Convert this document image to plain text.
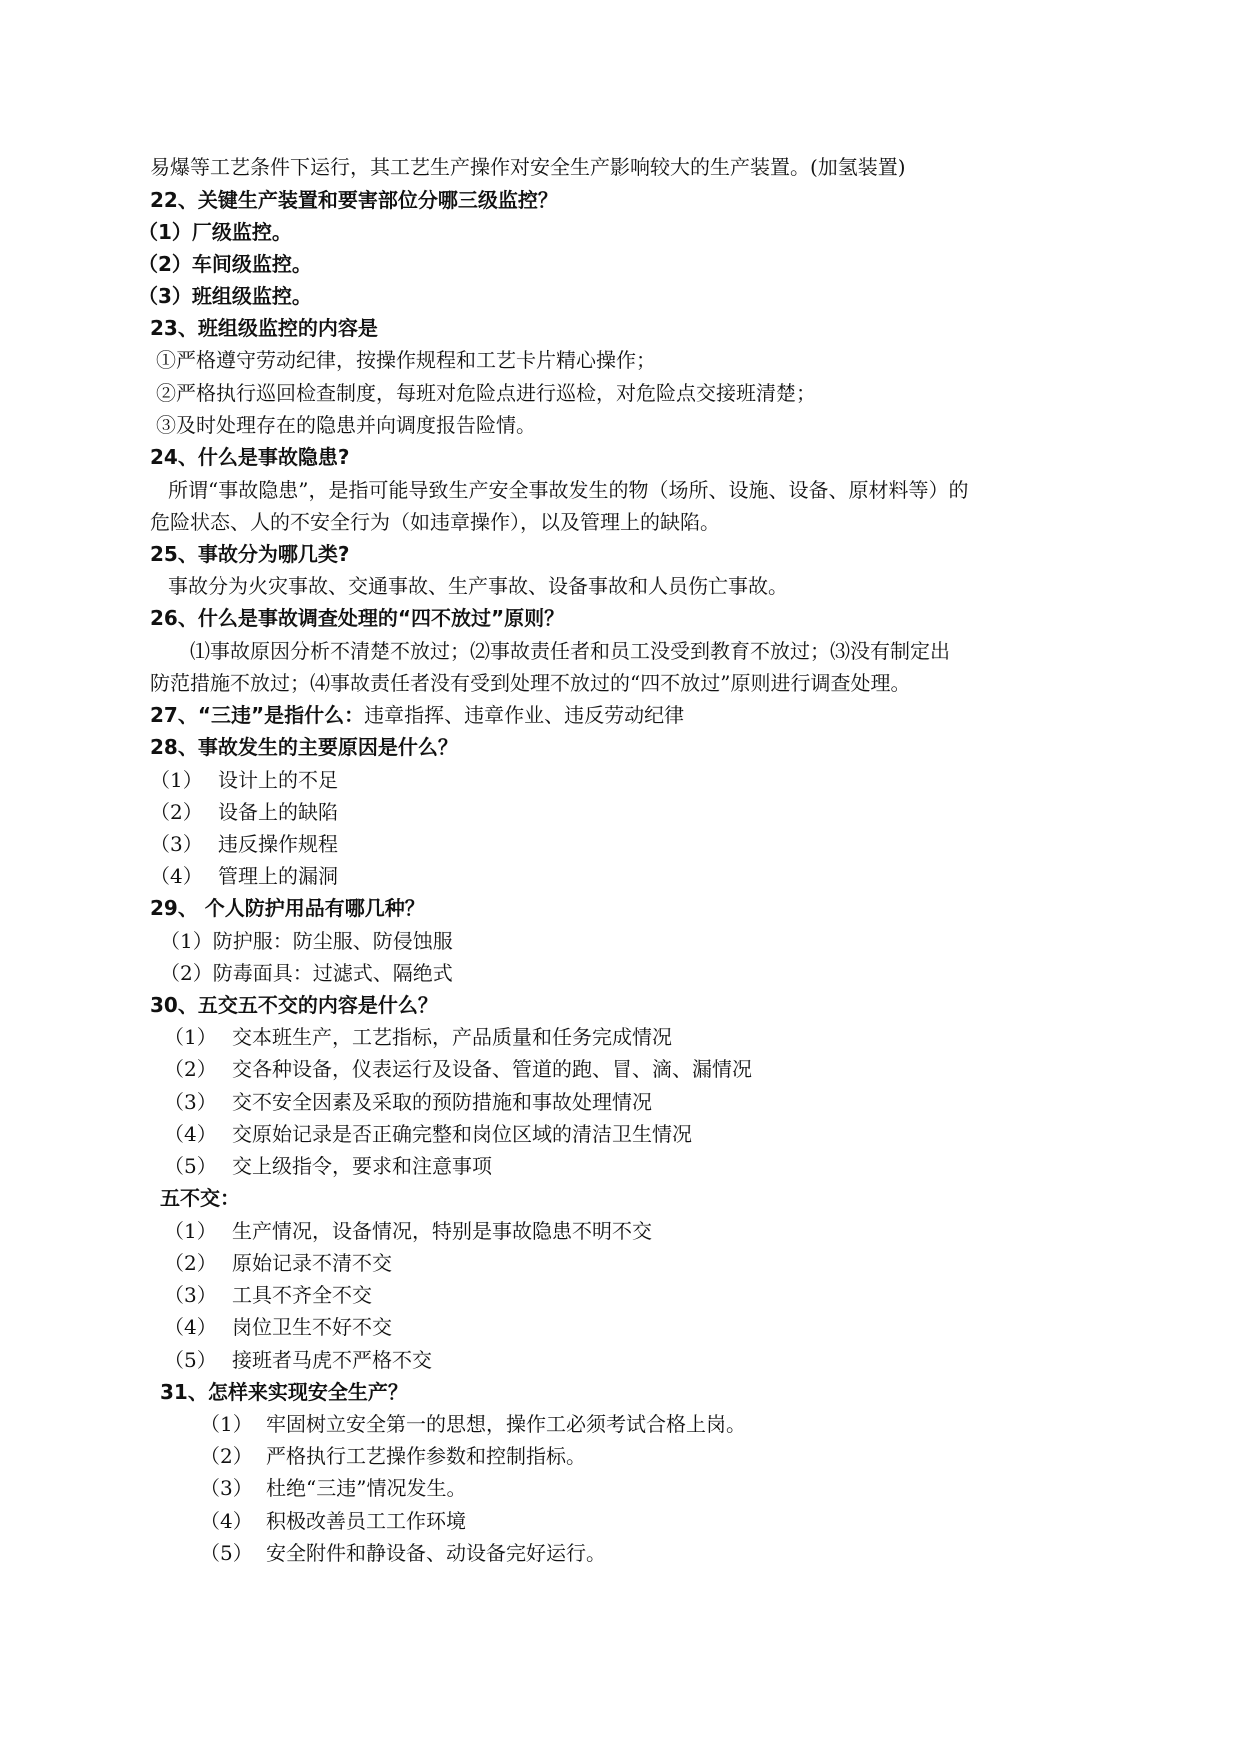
易爆等工艺条件下运行，其工艺生产操作对安全生产影响较大的生产装置。(加氢装置)
22、关键生产装置和要害部位分哪三级监控？
（1）厂级监控。
（2）车间级监控。
（3）班组级监控。
23、班组级监控的内容是
①严格遵守劳动纪律，按操作规程和工艺卡片精心操作；
②严格执行巡回检查制度，每班对危险点进行巡检，对危险点交接班清楚；
③及时处理存在的隐患并向调度报告险情。
24、什么是事故隐患?
所谓“事故隐患”，是指可能导致生产安全事故发生的物（场所、设施、设备、原材料等）的
危险状态、人的不安全行为（如违章操作），以及管理上的缺陷。
25、事故分为哪几类?
事故分为火灾事故、交通事故、生产事故、设备事故和人员伤亡事故。
26、什么是事故调查处理的“四不放过”原则？
⑴事故原因分析不清楚不放过；⑵事故责任者和员工没受到教育不放过；⑶没有制定出
防范措施不放过；⑷事故责任者没有受到处理不放过的“四不放过”原则进行调查处理。
27、“三违”是指什么：违章指挥、违章作业、违反劳动纪律
28、事故发生的主要原因是什么？
（1） 设计上的不足
（2） 设备上的缺陷
（3） 违反操作规程
（4） 管理上的漏洞
29、 个人防护用品有哪几种？
（1）防护服：防尘服、防侵蚀服
（2）防毒面具：过滤式、隔绝式
30、五交五不交的内容是什么？
（1） 交本班生产，工艺指标，产品质量和任务完成情况
（2） 交各种设备，仪表运行及设备、管道的跑、冒、滴、漏情况
（3） 交不安全因素及采取的预防措施和事故处理情况
（4） 交原始记录是否正确完整和岗位区域的清洁卫生情况
（5） 交上级指令，要求和注意事项
五不交：
（1） 生产情况，设备情况，特别是事故隐患不明不交
（2） 原始记录不清不交
（3） 工具不齐全不交
（4） 岗位卫生不好不交
（5） 接班者马虎不严格不交
31、怎样来实现安全生产？
（1） 牢固树立安全第一的思想，操作工必须考试合格上岗。
（2） 严格执行工艺操作参数和控制指标。
（3） 杜绝“三违”情况发生。
（4） 积极改善员工工作环境
（5） 安全附件和静设备、动设备完好运行。
